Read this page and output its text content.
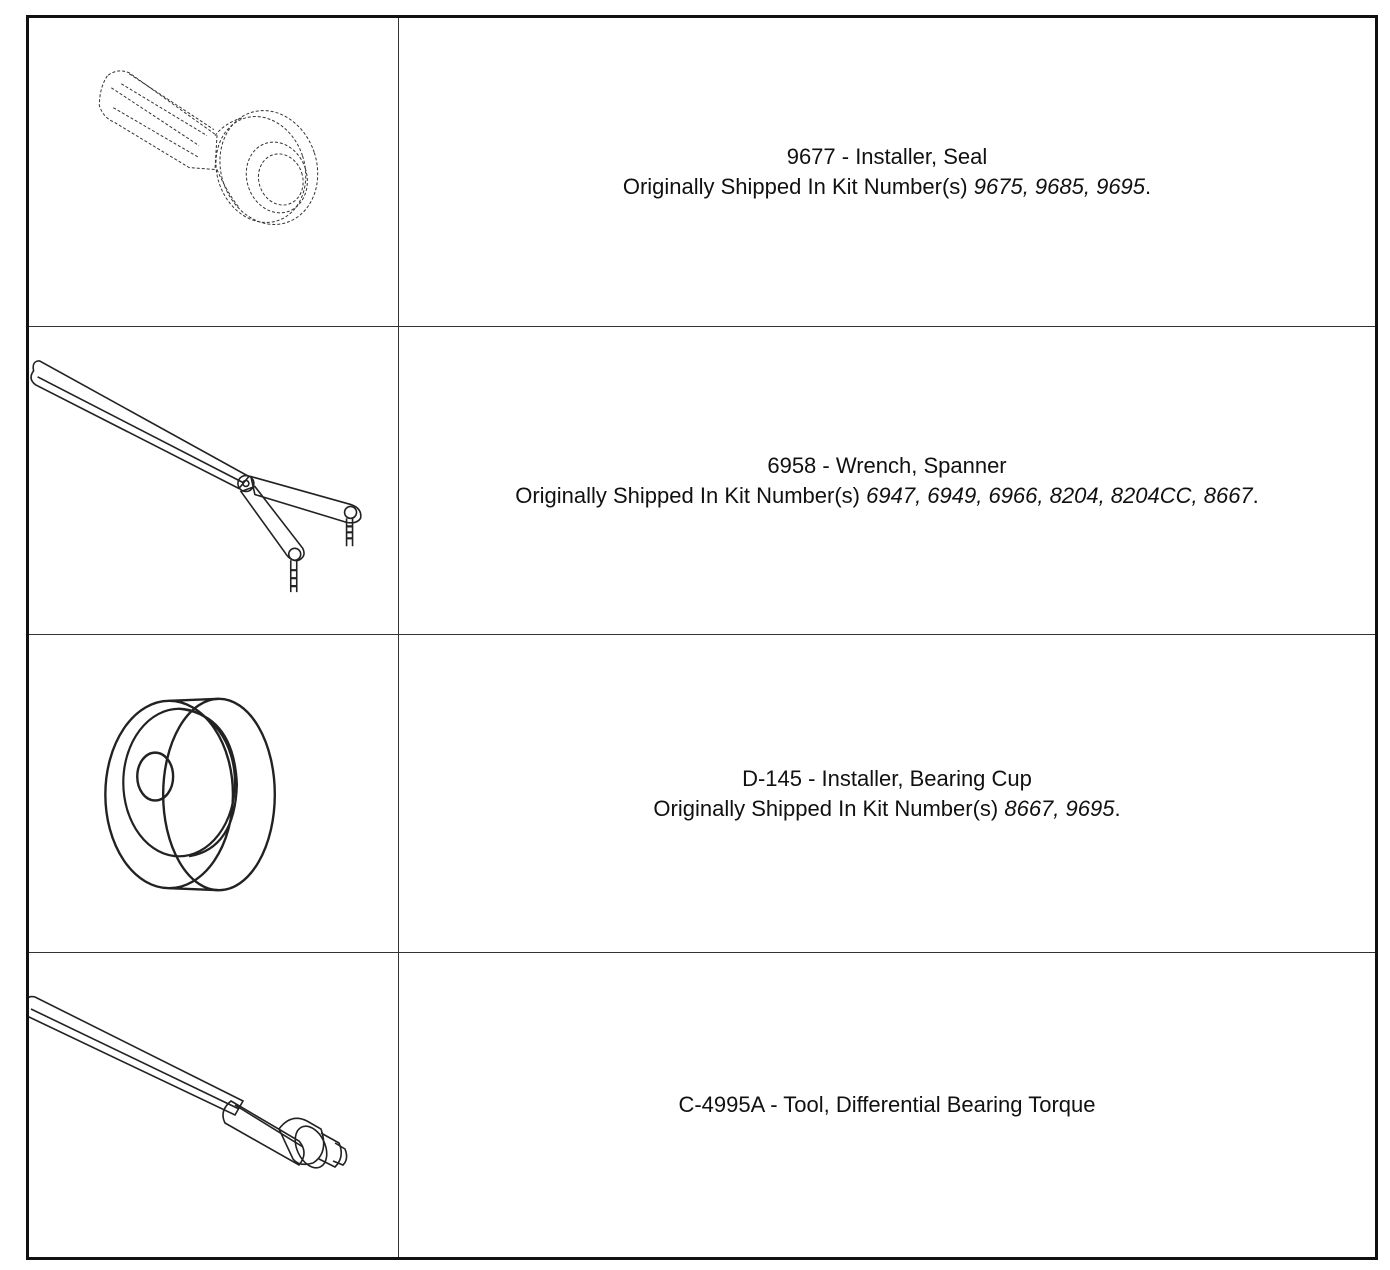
9677 - Installer, Seal
Originally Shipped In Kit Number(s) 9675, 9685, 9695.
6958 - Wrench, Spanner
Originally Shipped In Kit Number(s) 6947, 6949, 6966, 8204, 8204CC, 8667.
D-145 - Installer, Bearing Cup
Originally Shipped In Kit Number(s) 8667, 9695.
C-4995A - Tool, Differential Bearing Torque
